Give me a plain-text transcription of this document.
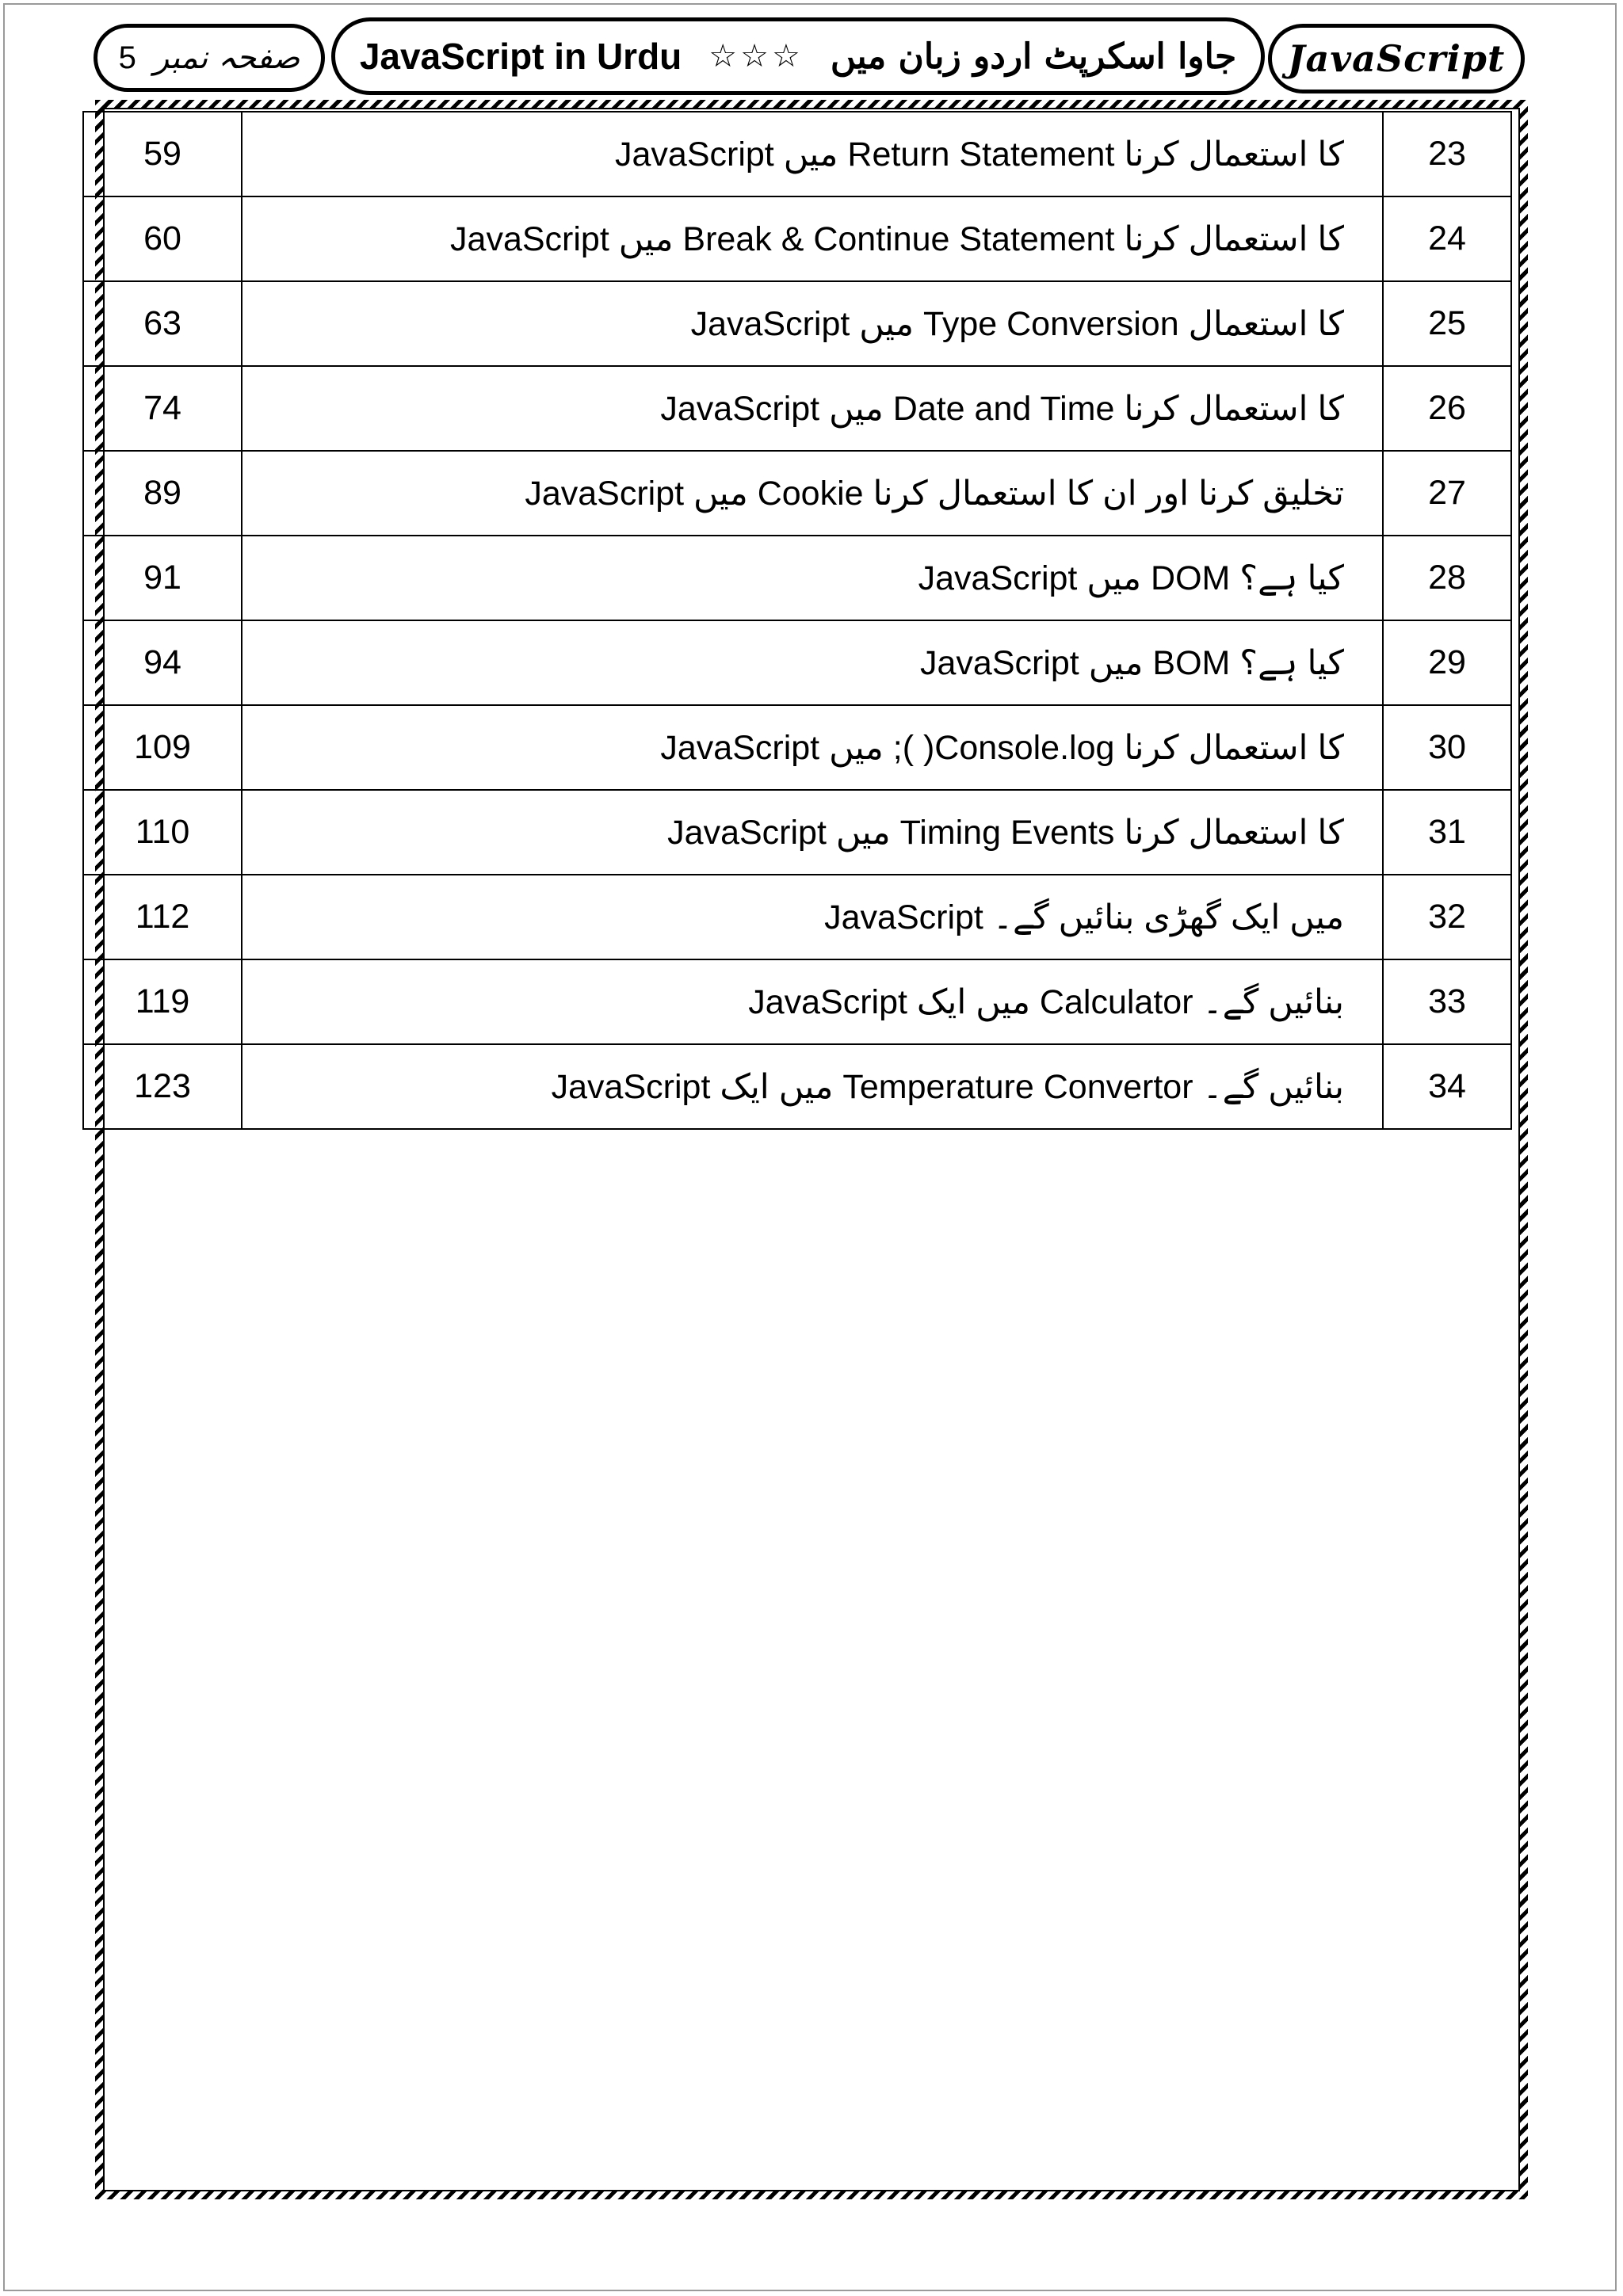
5 صفحہ نمبر JavaScript in Urdu ☆☆☆ جاوا اسکرپٹ اردو زبان میں JavaScript
59	JavaScript میں Return Statement کا استعمال کرنا	23
60	JavaScript میں Break & Continue Statement کا استعمال کرنا	24
63	JavaScript میں Type Conversion کا استعمال	25
74	JavaScript میں Date and Time کا استعمال کرنا	26
89	JavaScript میں Cookie تخلیق کرنا اور ان کا استعمال کرنا	27
91	JavaScript میں DOM کیا ہے؟	28
94	JavaScript میں BOM کیا ہے؟	29
109	JavaScript میں ;( )Console.log کا استعمال کرنا	30
110	JavaScript میں Timing Events کا استعمال کرنا	31
112	JavaScript میں ایک گھڑی بنائیں گے۔	32
119	JavaScript میں ایک Calculator بنائیں گے۔	33
123	JavaScript میں ایک Temperature Convertor بنائیں گے۔	34
